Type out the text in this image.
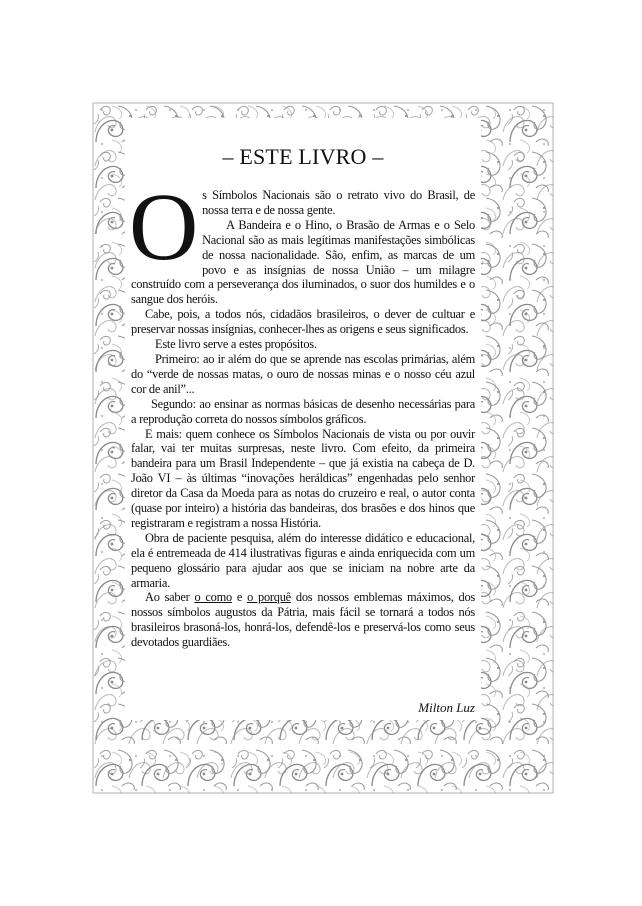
– ESTE LIVRO –
O s Símbolos Nacionais são o retrato vivo do Brasil, de nossa terra e de nossa gente.

A Bandeira e o Hino, o Brasão de Armas e o Selo Nacional são as mais legítimas manifestações simbólicas de nossa nacionalidade. São, enfim, as marcas de um povo e as insígnias de nossa União – um milagre construído com a perseverança dos iluminados, o suor dos humildes e o sangue dos heróis.

Cabe, pois, a todos nós, cidadãos brasileiros, o dever de cultuar e preservar nossas insígnias, conhecer-lhes as origens e seus significados.

Este livro serve a estes propósitos.

Primeiro: ao ir além do que se aprende nas escolas primárias, além do “verde de nossas matas, o ouro de nossas minas e o nosso céu azul cor de anil”...

Segundo: ao ensinar as normas básicas de desenho necessárias para a reprodução correta do nossos símbolos gráficos.

E mais: quem conhece os Símbolos Nacionais de vista ou por ouvir falar, vai ter muitas surpresas, neste livro. Com efeito, da primeira bandeira para um Brasil Independente – que já existia na cabeça de D. João VI – às últimas “inovações heráldicas” engenhadas pelo senhor diretor da Casa da Moeda para as notas do cruzeiro e real, o autor conta (quase por inteiro) a história das bandeiras, dos brasões e dos hinos que registraram e registram a nossa História.

Obra de paciente pesquisa, além do interesse didático e educacional, ela é entremeada de 414 ilustrativas figuras e ainda enriquecida com um pequeno glossário para ajudar aos que se iniciam na nobre arte da armaria.

Ao saber o como e o porquê dos nossos emblemas máximos, dos nossos símbolos augustos da Pátria, mais fácil se tornará a todos nós brasileiros brasoná-los, honrá-los, defendê-los e preservá-los como seus devotados guardiães.

Milton Luz
